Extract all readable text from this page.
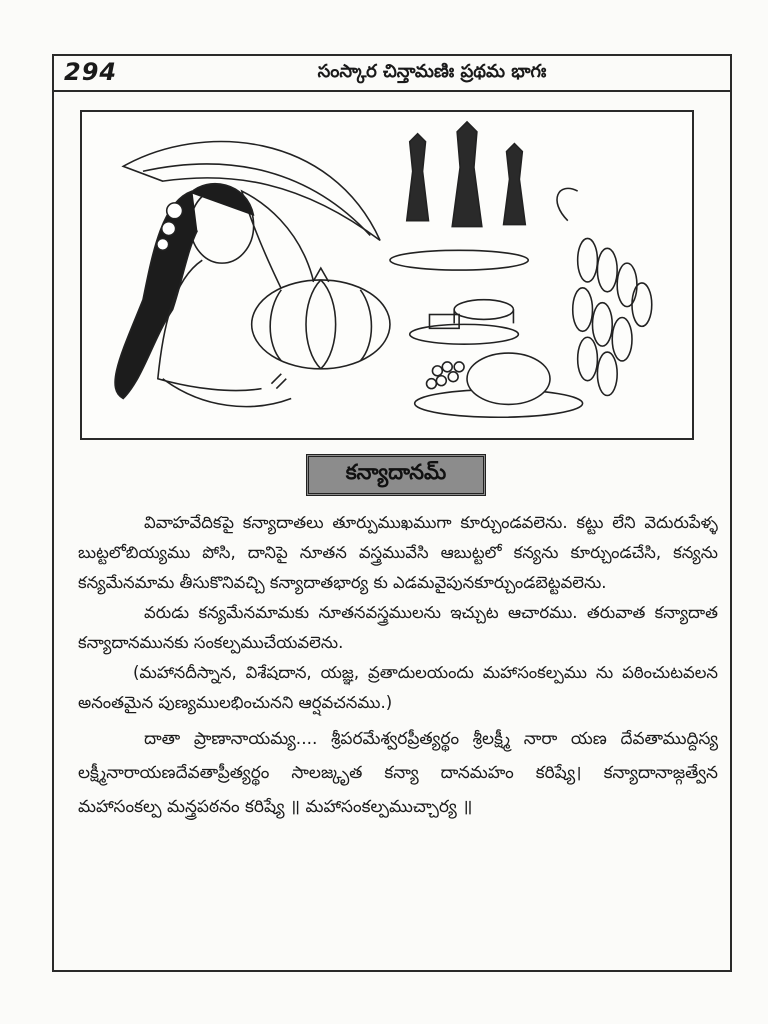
294	సంస్కార చిన్తామణిః ప్రథమ భాగః
కన్యాదానమ్

వివాహవేదికపై కన్యాదాతలు తూర్పుముఖముగా కూర్చుండవలెను. కట్టు లేని వెదురుపేళ్ళ బుట్టలోబియ్యము పోసి, దానిపై నూతన వస్త్రమువేసి ఆబుట్టలో కన్యను కూర్చుండచేసి, కన్యను కన్యమేనమామ తీసుకొనివచ్చి కన్యాదాతభార్య కు ఎడమవైపునకూర్చుండబెట్టవలెను.

వరుడు కన్యమేనమామకు నూతనవస్త్రములను ఇచ్చుట ఆచారము. తరువాత కన్యాదాత కన్యాదానమునకు సంకల్పముచేయవలెను.

(మహానదీస్నాన, విశేషదాన, యజ్ఞ, వ్రతాదులయందు మహాసంకల్పము ను పఠించుటవలన అనంతమైన పుణ్యములభించునని ఆర్షవచనము.)

దాతా ప్రాణానాయమ్య.... శ్రీపరమేశ్వరప్రీత్యర్థం శ్రీలక్ష్మీ నారా యణ దేవతాముద్దిస్య లక్ష్మీనారాయణదేవతాప్రీత్యర్థం సాలజ్కృత కన్యా దానమహం కరిష్యే। కన్యాదానాజ్గత్వేన మహాసంకల్ప మన్త్రపఠనం కరిష్యే ॥ మహాసంకల్పముచ్చార్య ॥
